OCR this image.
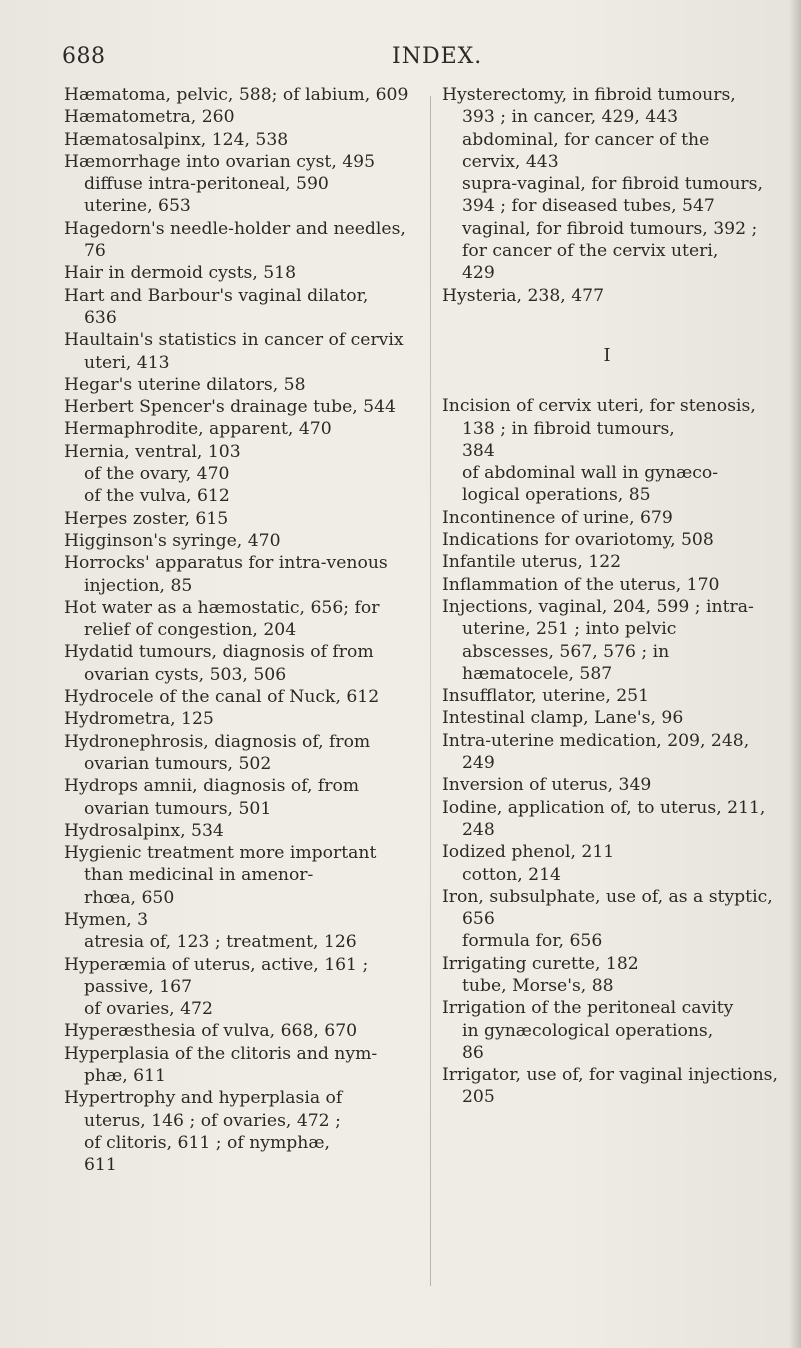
688	INDEX.
Hæmatoma, pelvic, 588; of labium, 609
Hæmatometra, 260
Hæmatosalpinx, 124, 538
Hæmorrhage into ovarian cyst, 495
diffuse intra-peritoneal, 590
uterine, 653
Hagedorn's needle-holder and needles,
76
Hair in dermoid cysts, 518
Hart and Barbour's vaginal dilator,
636
Haultain's statistics in cancer of cervix
uteri, 413
Hegar's uterine dilators, 58
Herbert Spencer's drainage tube, 544
Hermaphrodite, apparent, 470
Hernia, ventral, 103
of the ovary, 470
of the vulva, 612
Herpes zoster, 615
Higginson's syringe, 470
Horrocks' apparatus for intra-venous
injection, 85
Hot water as a hæmostatic, 656; for
relief of congestion, 204
Hydatid tumours, diagnosis of from
ovarian cysts, 503, 506
Hydrocele of the canal of Nuck, 612
Hydrometra, 125
Hydronephrosis, diagnosis of, from
ovarian tumours, 502
Hydrops amnii, diagnosis of, from
ovarian tumours, 501
Hydrosalpinx, 534
Hygienic treatment more important
than medicinal in amenor-
rhœa, 650
Hymen, 3
atresia of, 123 ; treatment, 126
Hyperæmia of uterus, active, 161 ;
passive, 167
of ovaries, 472
Hyperæsthesia of vulva, 668, 670
Hyperplasia of the clitoris and nym-
phæ, 611
Hypertrophy and hyperplasia of
uterus, 146 ; of ovaries, 472 ;
of clitoris, 611 ; of nymphæ,
611
Hysterectomy, in fibroid tumours,
393 ; in cancer, 429, 443
abdominal, for cancer of the
cervix, 443
supra-vaginal, for fibroid tumours,
394 ; for diseased tubes, 547
vaginal, for fibroid tumours, 392 ;
for cancer of the cervix uteri,
429
Hysteria, 238, 477
I
Incision of cervix uteri, for stenosis,
138 ; in fibroid tumours,
384
of abdominal wall in gynæco-
logical operations, 85
Incontinence of urine, 679
Indications for ovariotomy, 508
Infantile uterus, 122
Inflammation of the uterus, 170
Injections, vaginal, 204, 599 ; intra-
uterine, 251 ; into pelvic
abscesses, 567, 576 ; in
hæmatocele, 587
Insufflator, uterine, 251
Intestinal clamp, Lane's, 96
Intra-uterine medication, 209, 248,
249
Inversion of uterus, 349
Iodine, application of, to uterus, 211,
248
Iodized phenol, 211
cotton, 214
Iron, subsulphate, use of, as a styptic,
656
formula for, 656
Irrigating curette, 182
tube, Morse's, 88
Irrigation of the peritoneal cavity
in gynæcological operations,
86
Irrigator, use of, for vaginal injections,
205
